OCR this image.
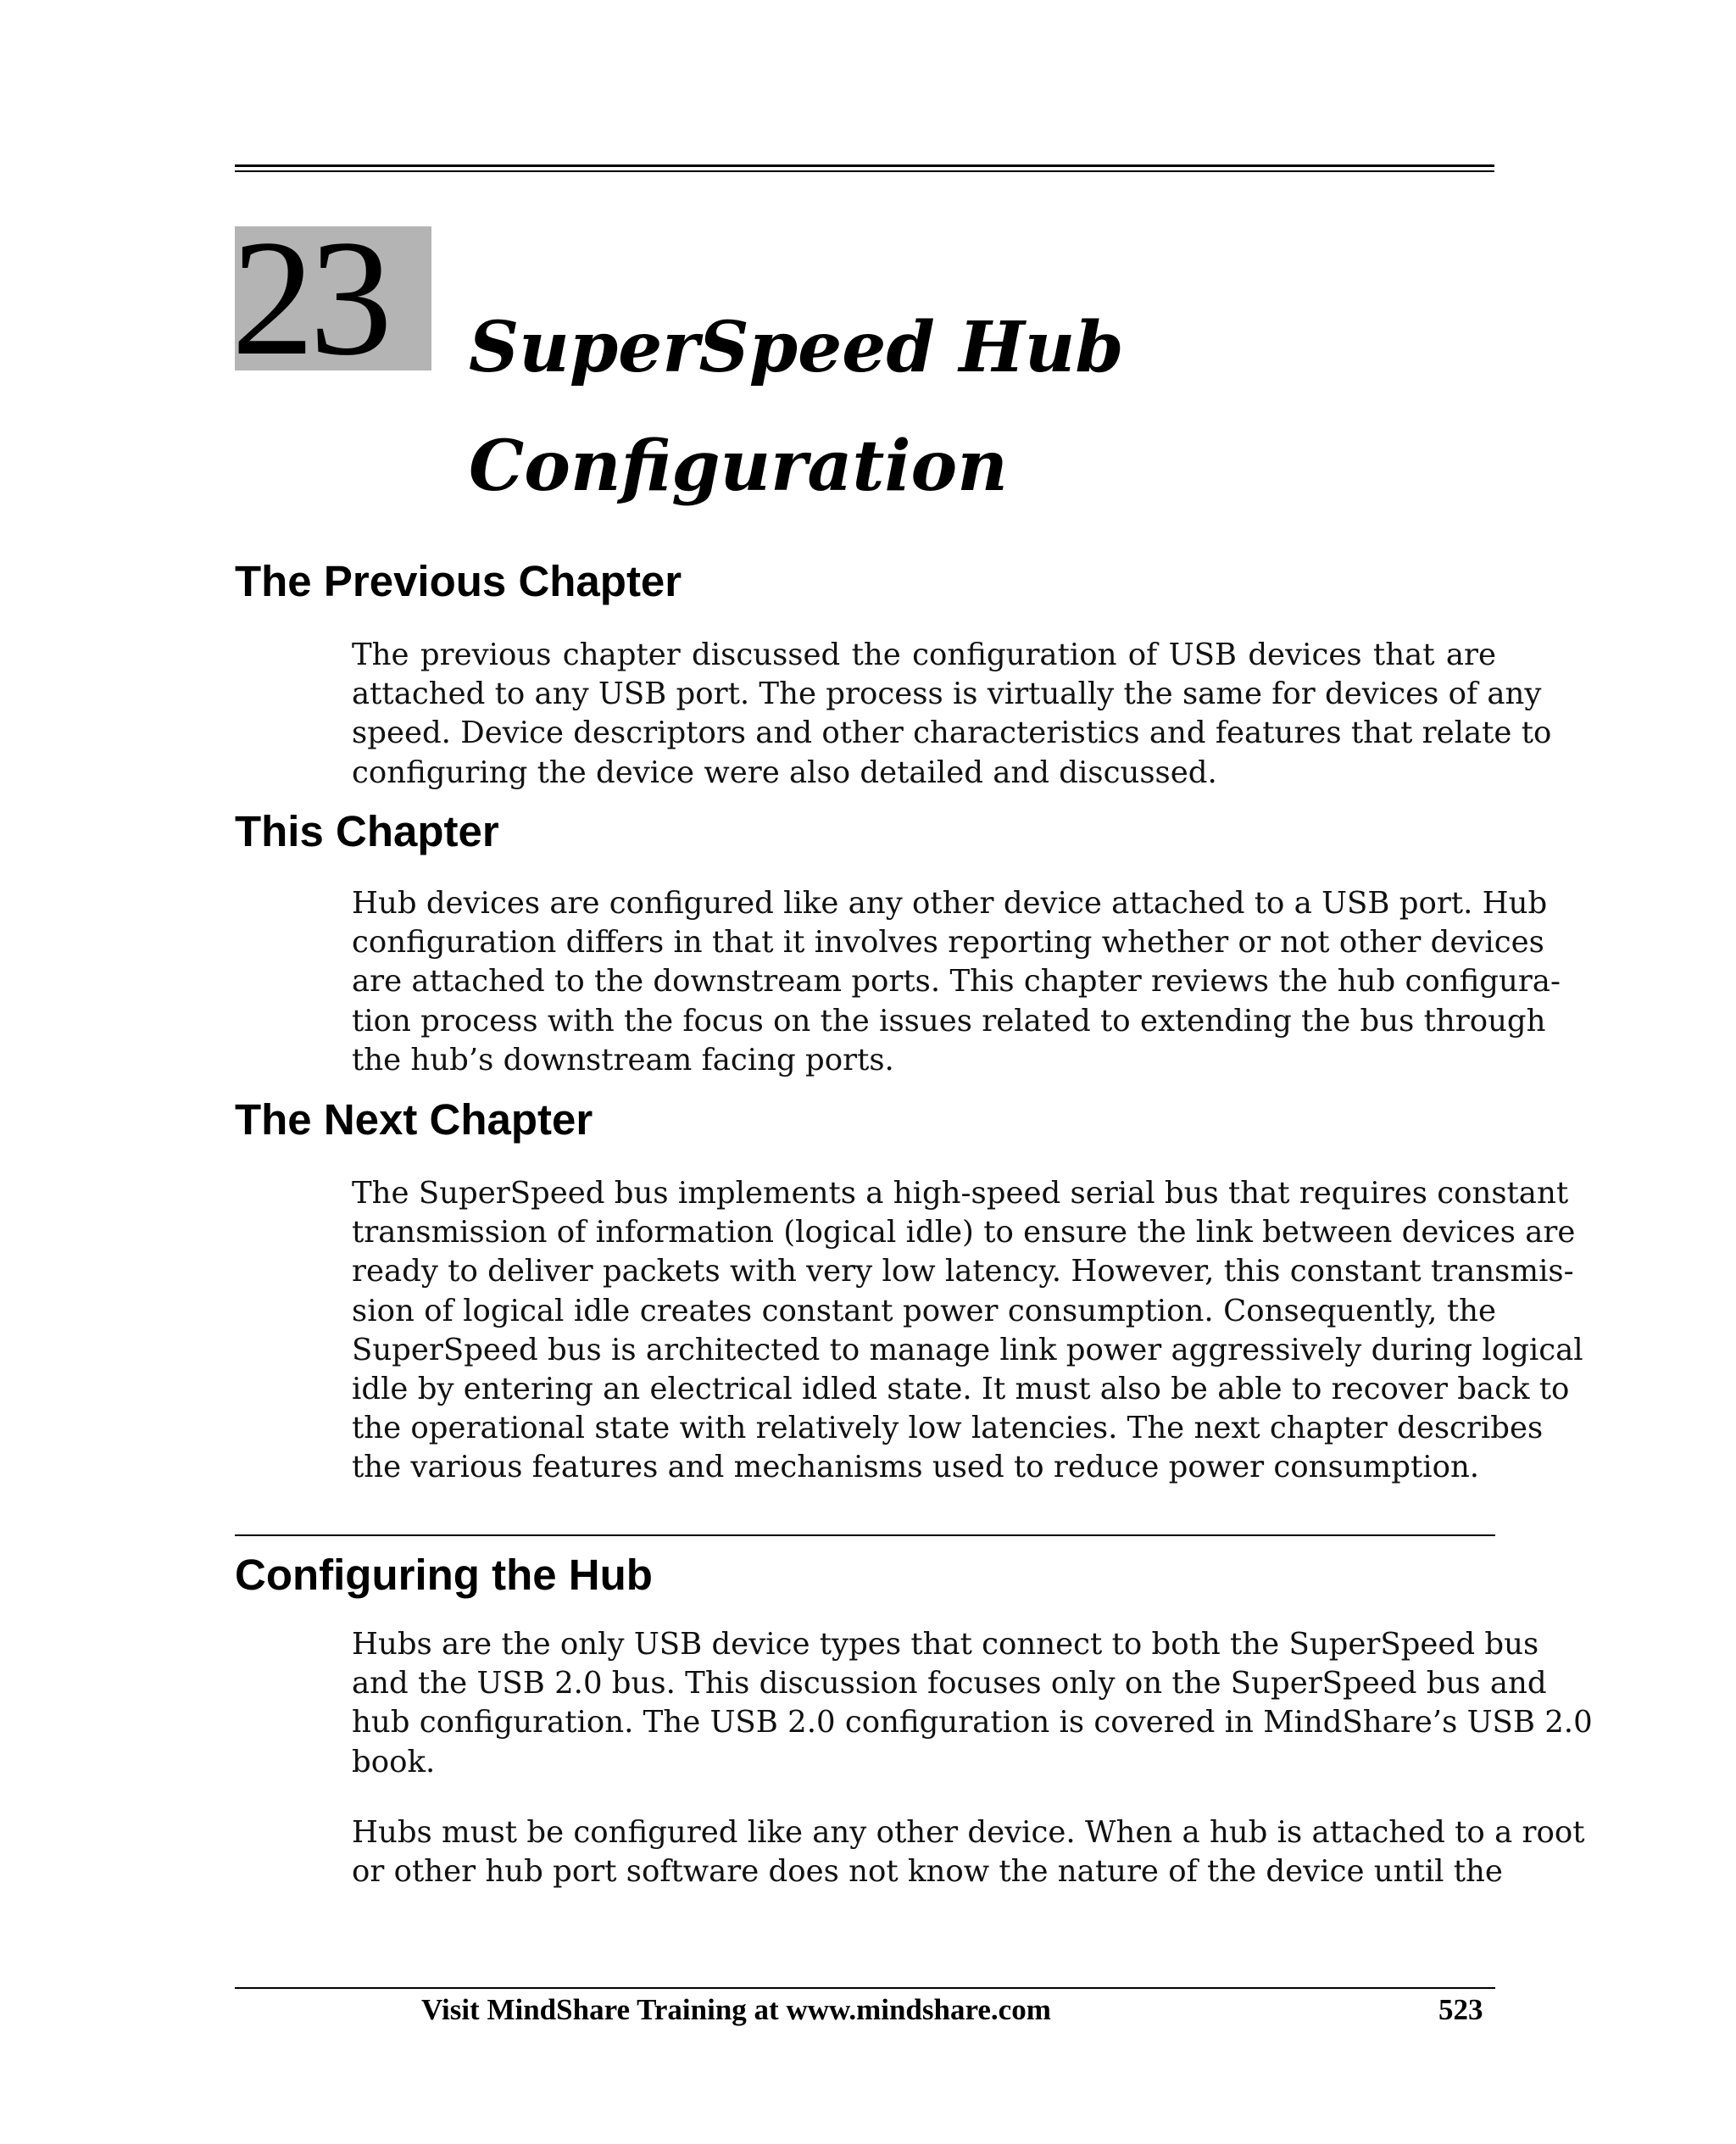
23	SuperSpeed Hub
Configuration
The Previous Chapter

The previous chapter discussed the configuration of USB devices that are
attached to any USB port. The process is virtually the same for devices of any
speed. Device descriptors and other characteristics and features that relate to
configuring the device were also detailed and discussed.

This Chapter

Hub devices are configured like any other device attached to a USB port. Hub
configuration differs in that it involves reporting whether or not other devices
are attached to the downstream ports. This chapter reviews the hub configura-
tion process with the focus on the issues related to extending the bus through
the hub’s downstream facing ports.

The Next Chapter

The SuperSpeed bus implements a high-speed serial bus that requires constant
transmission of information (logical idle) to ensure the link between devices are
ready to deliver packets with very low latency. However, this constant transmis-
sion of logical idle creates constant power consumption. Consequently, the
SuperSpeed bus is architected to manage link power aggressively during logical
idle by entering an electrical idled state. It must also be able to recover back to
the operational state with relatively low latencies. The next chapter describes
the various features and mechanisms used to reduce power consumption.

Configuring the Hub

Hubs are the only USB device types that connect to both the SuperSpeed bus
and the USB 2.0 bus. This discussion focuses only on the SuperSpeed bus and
hub configuration. The USB 2.0 configuration is covered in MindShare’s USB 2.0
book.

Hubs must be configured like any other device. When a hub is attached to a root
or other hub port software does not know the nature of the device until the

Visit MindShare Training at www.mindshare.com	523
